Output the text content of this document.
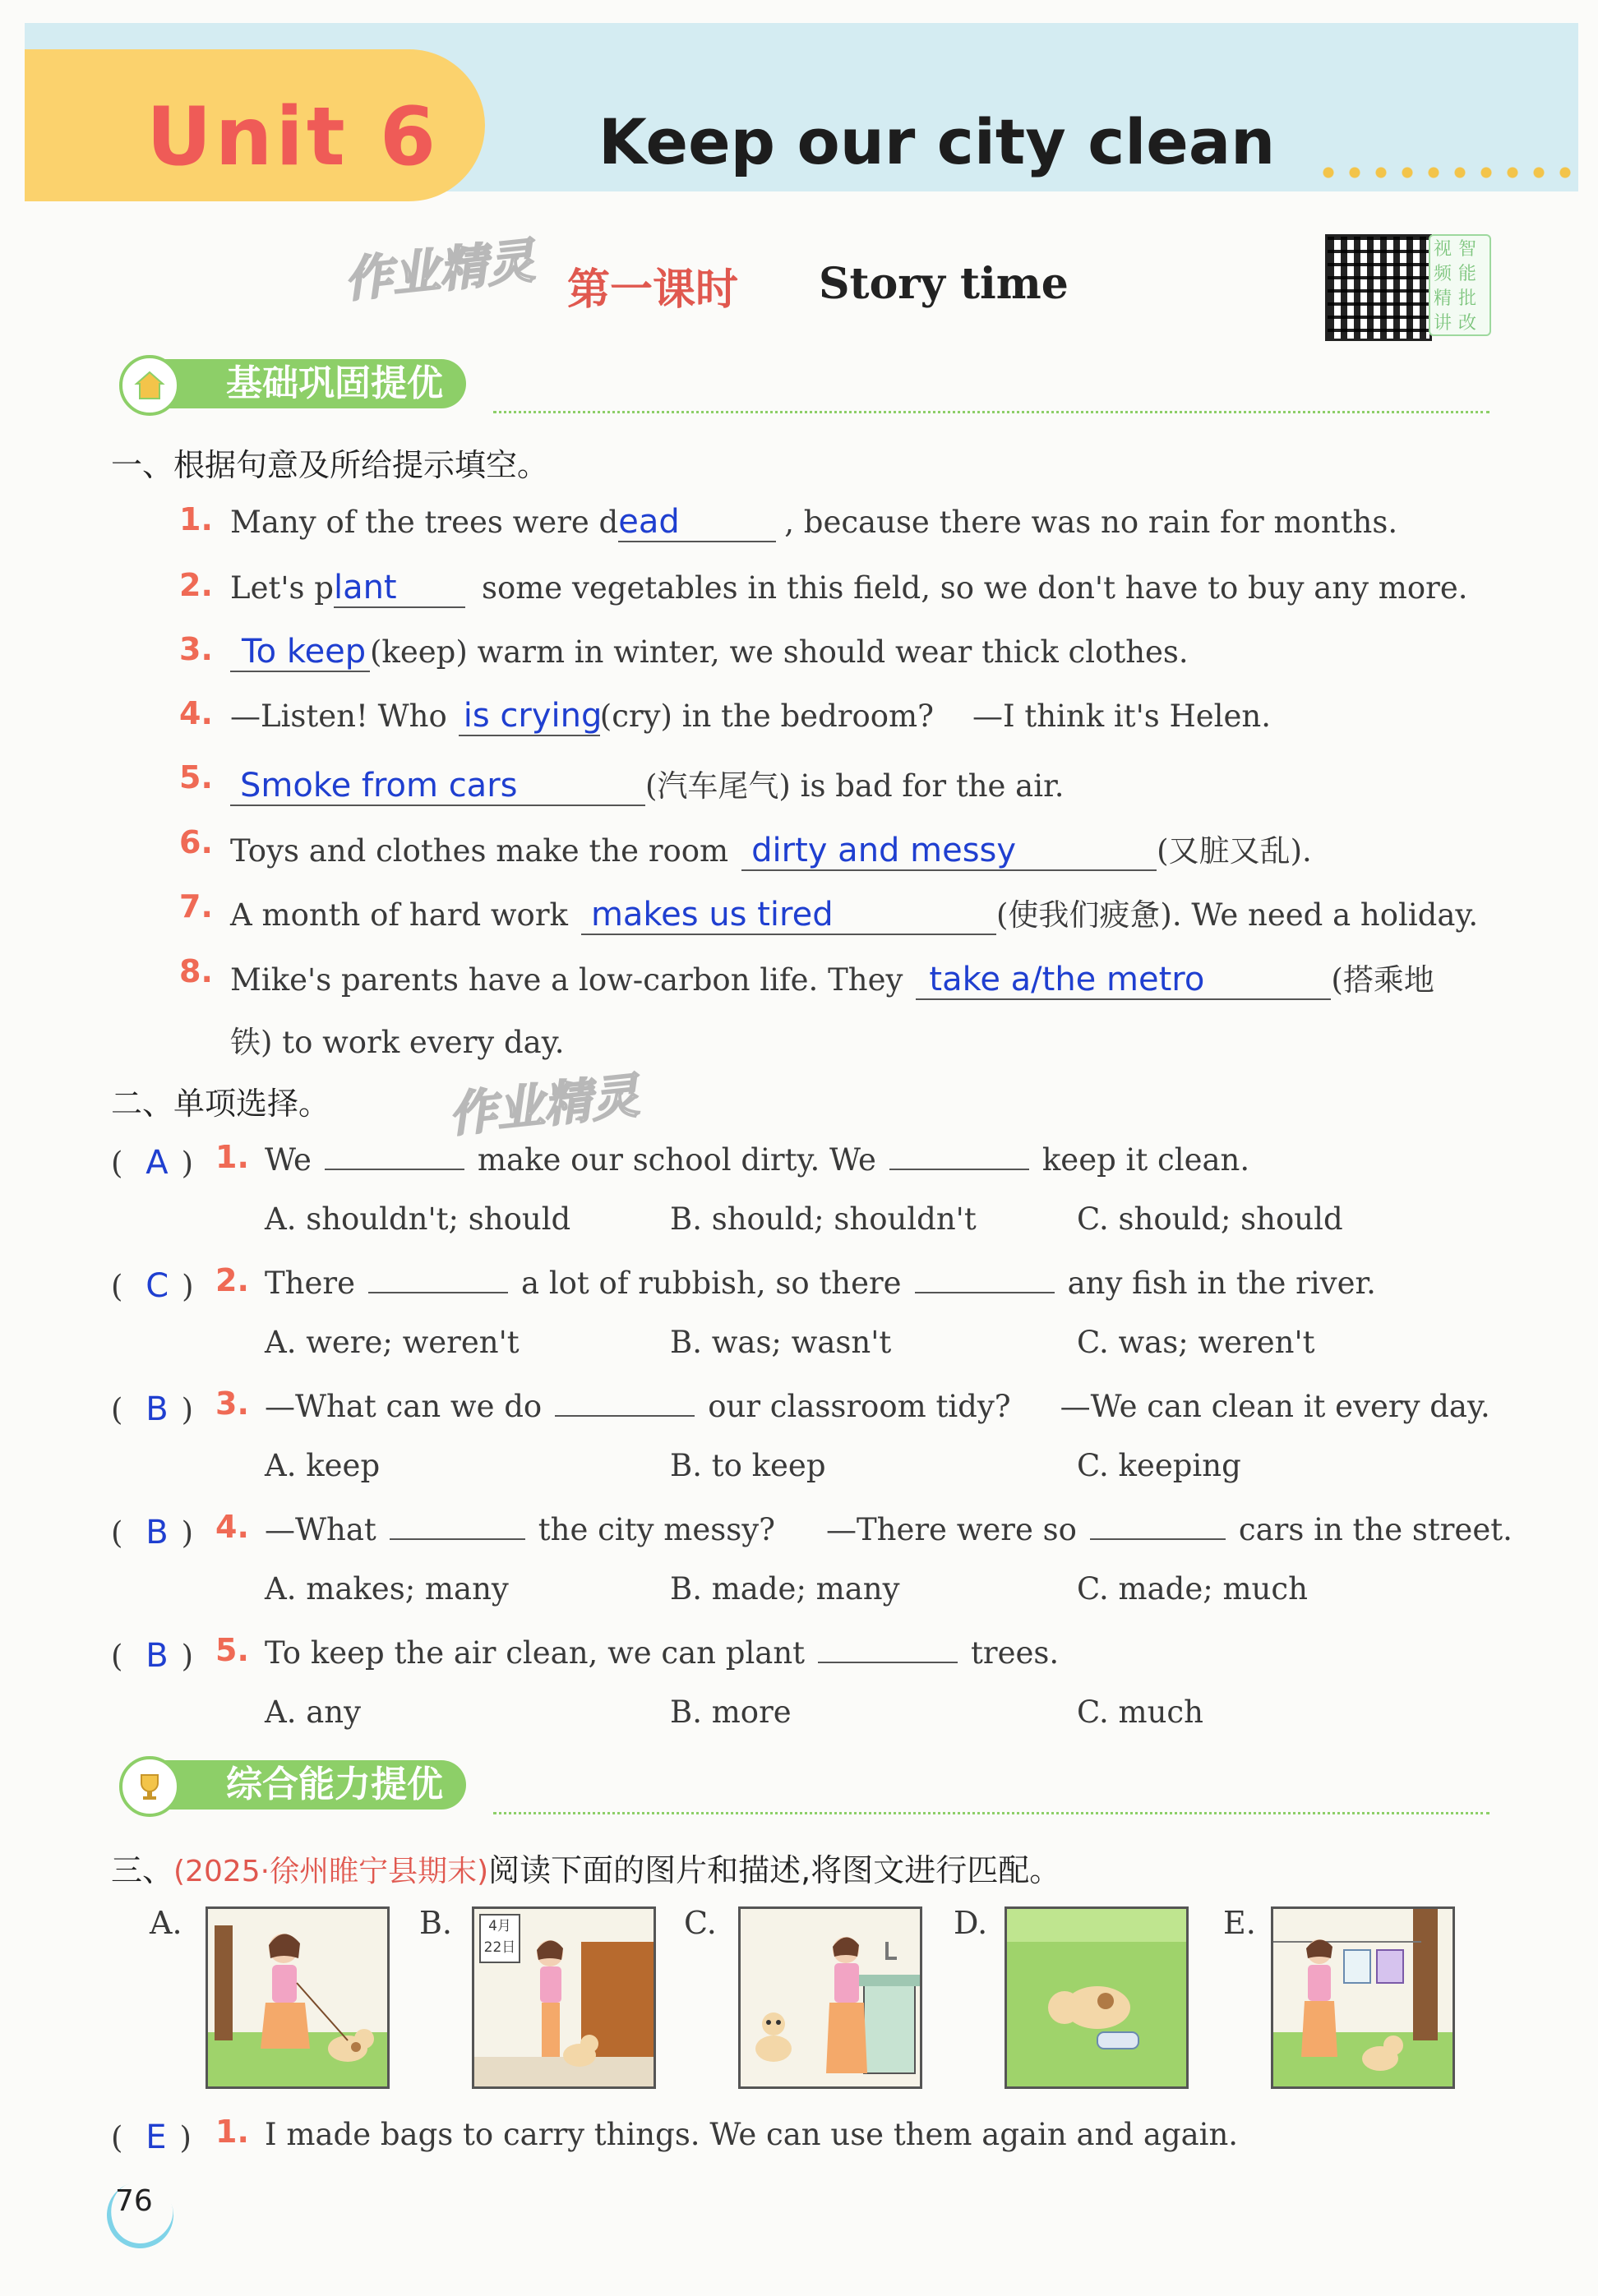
Unit 6	Keep our city clean
作业精灵 第一课时 Story time
视 智
频 能
精 批
讲 改
基础巩固提优
一、根据句意及所给提示填空。
1. Many of the trees were dead	, because there was no rain for months.
2. Let's plant	some vegetables in this field, so we don't have to buy any more.
3. To keep (keep) warm in winter, we should wear thick clothes.
4. —Listen! Who is crying(cry) in the bedroom?    —I think it's Helen.
5. Smoke from cars	(汽车尾气) is bad for the air.
6. Toys and clothes make the room dirty and messy	(又脏又乱).
7. A month of hard work makes us tired	(使我们疲惫). We need a holiday.
8. Mike's parents have a low-carbon life. They take a/the metro	(搭乘地
铁) to work every day.
二、单项选择。 作业精灵
( A ) 1. We	make our school dirty. We	keep it clean.
A. shouldn't; should	B. should; shouldn't	C. should; should
( C ) 2. There	a lot of rubbish, so there	any fish in the river.
A. were; weren't	B. was; wasn't	C. was; weren't
( B ) 3. —What can we do	our classroom tidy? —We can clean it every day.
A. keep	B. to keep	C. keeping
( B ) 4. —What	the city messy? —There were so	cars in the street.
A. makes; many	B. made; many	C. made; much
( B ) 5. To keep the air clean, we can plant	trees.
A. any	B. more	C. much
综合能力提优
三、(2025·徐州睢宁县期末)阅读下面的图片和描述,将图文进行匹配。
A.	B.	4月 22日
C.	D.	E.
( E ) 1. I made bags to carry things. We can use them again and again.
76
